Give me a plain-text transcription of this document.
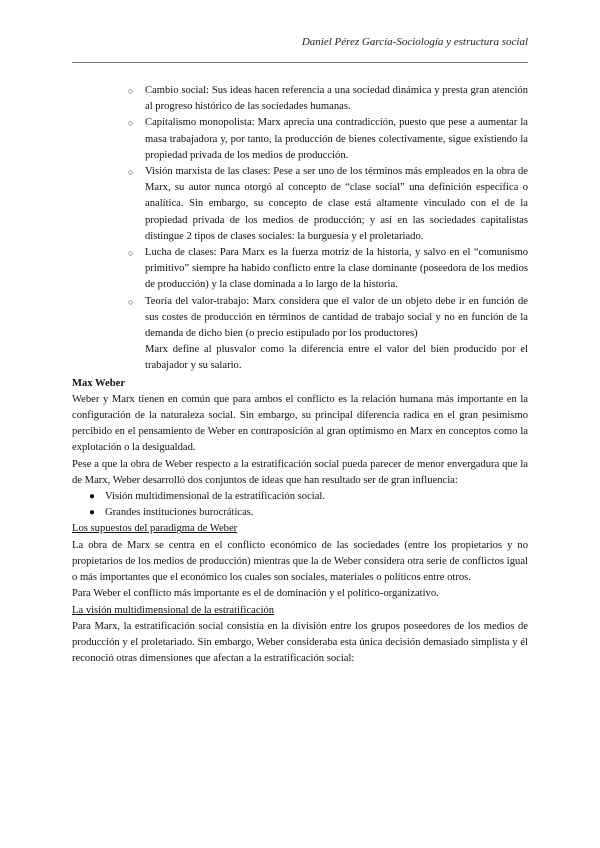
Daniel Pérez García-Sociología y estructura social
○ Cambio social: Sus ideas hacen referencia a una sociedad dinámica y presta gran atención al progreso histórico de las sociedades humanas.
○ Capitalismo monopolista: Marx aprecia una contradicción, puesto que pese a aumentar la masa trabajadora y, por tanto, la producción de bienes colectivamente, sigue existiendo la propiedad privada de los medios de producción.
○ Visión marxista de las clases: Pese a ser uno de los términos más empleados en la obra de Marx, su autor nunca otorgó al concepto de “clase social” una definición específica o analítica. Sin embargo, su concepto de clase está altamente vinculado con el de la propiedad privada de los medios de producción; y así en las sociedades capitalistas distingue 2 tipos de clases sociales: la burguesía y el proletariado.
○ Lucha de clases: Para Marx es la fuerza motriz de la historia, y salvo en el “comunismo primitivo” siempre ha habido conflicto entre la clase dominante (poseedora de los medios de producción) y la clase dominada a lo largo de la historia.
○ Teoría del valor-trabajo: Marx considera que el valor de un objeto debe ir en función de sus costes de producción en términos de cantidad de trabajo social y no en función de la demanda de dicho bien (o precio estipulado por los productores)

Marx define al plusvalor como la diferencia entre el valor del bien producido por el trabajador y su salario.

Max Weber

Weber y Marx tienen en común que para ambos el conflicto es la relación humana más importante en la configuración de la naturaleza social. Sin embargo, su principal diferencia radica en el gran pesimismo percibido en el pensamiento de Weber en contraposición al gran optimismo en Marx en conceptos como la explotación o la desigualdad.

Pese a que la obra de Weber respecto a la estratificación social pueda parecer de menor envergadura que la de Marx, Weber desarrolló dos conjuntos de ideas que han resultado ser de gran influencia:

● Visión multidimensional de la estratificación social.
● Grandes instituciones burocráticas.

Los supuestos del paradigma de Weber

La obra de Marx se centra en el conflicto económico de las sociedades (entre los propietarios y no propietarios de los medios de producción) mientras que la de Weber considera otra serie de conflictos igual o más importantes que el económico los cuales son sociales, materiales o políticos entre otros.

Para Weber el conflicto más importante es el de dominación y el político-organizativo.

La visión multidimensional de la estratificación

Para Marx, la estratificación social consistía en la división entre los grupos poseedores de los medios de producción y el proletariado. Sin embargo, Weber consideraba esta única decisión demasiado simplista y él reconoció otras dimensiones que afectan a la estratificación social:
